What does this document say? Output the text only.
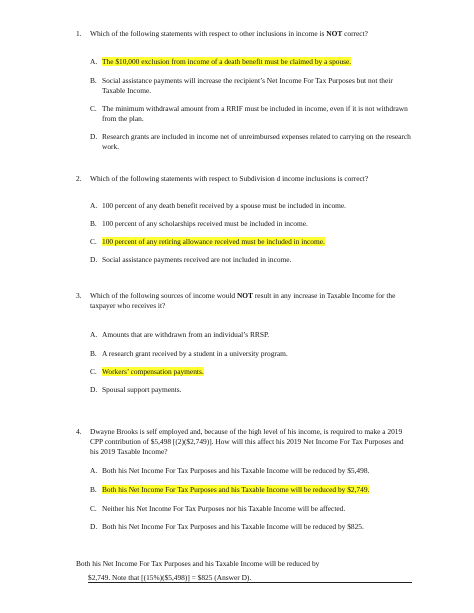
1.	Which of the following statements with respect to other inclusions in income is NOT correct?
A. The $10,000 exclusion from income of a death benefit must be claimed by a spouse.
B. Social assistance payments will increase the recipient’s Net Income For Tax Purposes but not their Taxable Income.
C. The minimum withdrawal amount from a RRIF must be included in income, even if it is not withdrawn from the plan.
D. Research grants are included in income net of unreimbursed expenses related to carrying on the research work.
2.	Which of the following statements with respect to Subdivision d income inclusions is correct?
A. 100 percent of any death benefit received by a spouse must be included in income.
B. 100 percent of any scholarships received must be included in income.
C. 100 percent of any retiring allowance received must be included in income.
D. Social assistance payments received are not included in income.
3.	Which of the following sources of income would NOT result in any increase in Taxable Income for the taxpayer who receives it?
A. Amounts that are withdrawn from an individual’s RRSP.
B. A research grant received by a student in a university program.
C. Workers’ compensation payments.
D. Spousal support payments.
4.	Dwayne Brooks is self employed and, because of the high level of his income, is required to make a 2019 CPP contribution of $5,498 [(2)($2,749)]. How will this affect his 2019 Net Income For Tax Purposes and his 2019 Taxable Income?
A. Both his Net Income For Tax Purposes and his Taxable Income will be reduced by $5,498.
B. Both his Net Income For Tax Purposes and his Taxable Income will be reduced by $2,749.
C. Neither his Net Income For Tax Purposes nor his Taxable Income will be affected.
D. Both his Net Income For Tax Purposes and his Taxable Income will be reduced by $825.
Both his Net Income For Tax Purposes and his Taxable Income will be reduced by
$2,749. Note that [(15%)($5,498)] = $825 (Answer D).
